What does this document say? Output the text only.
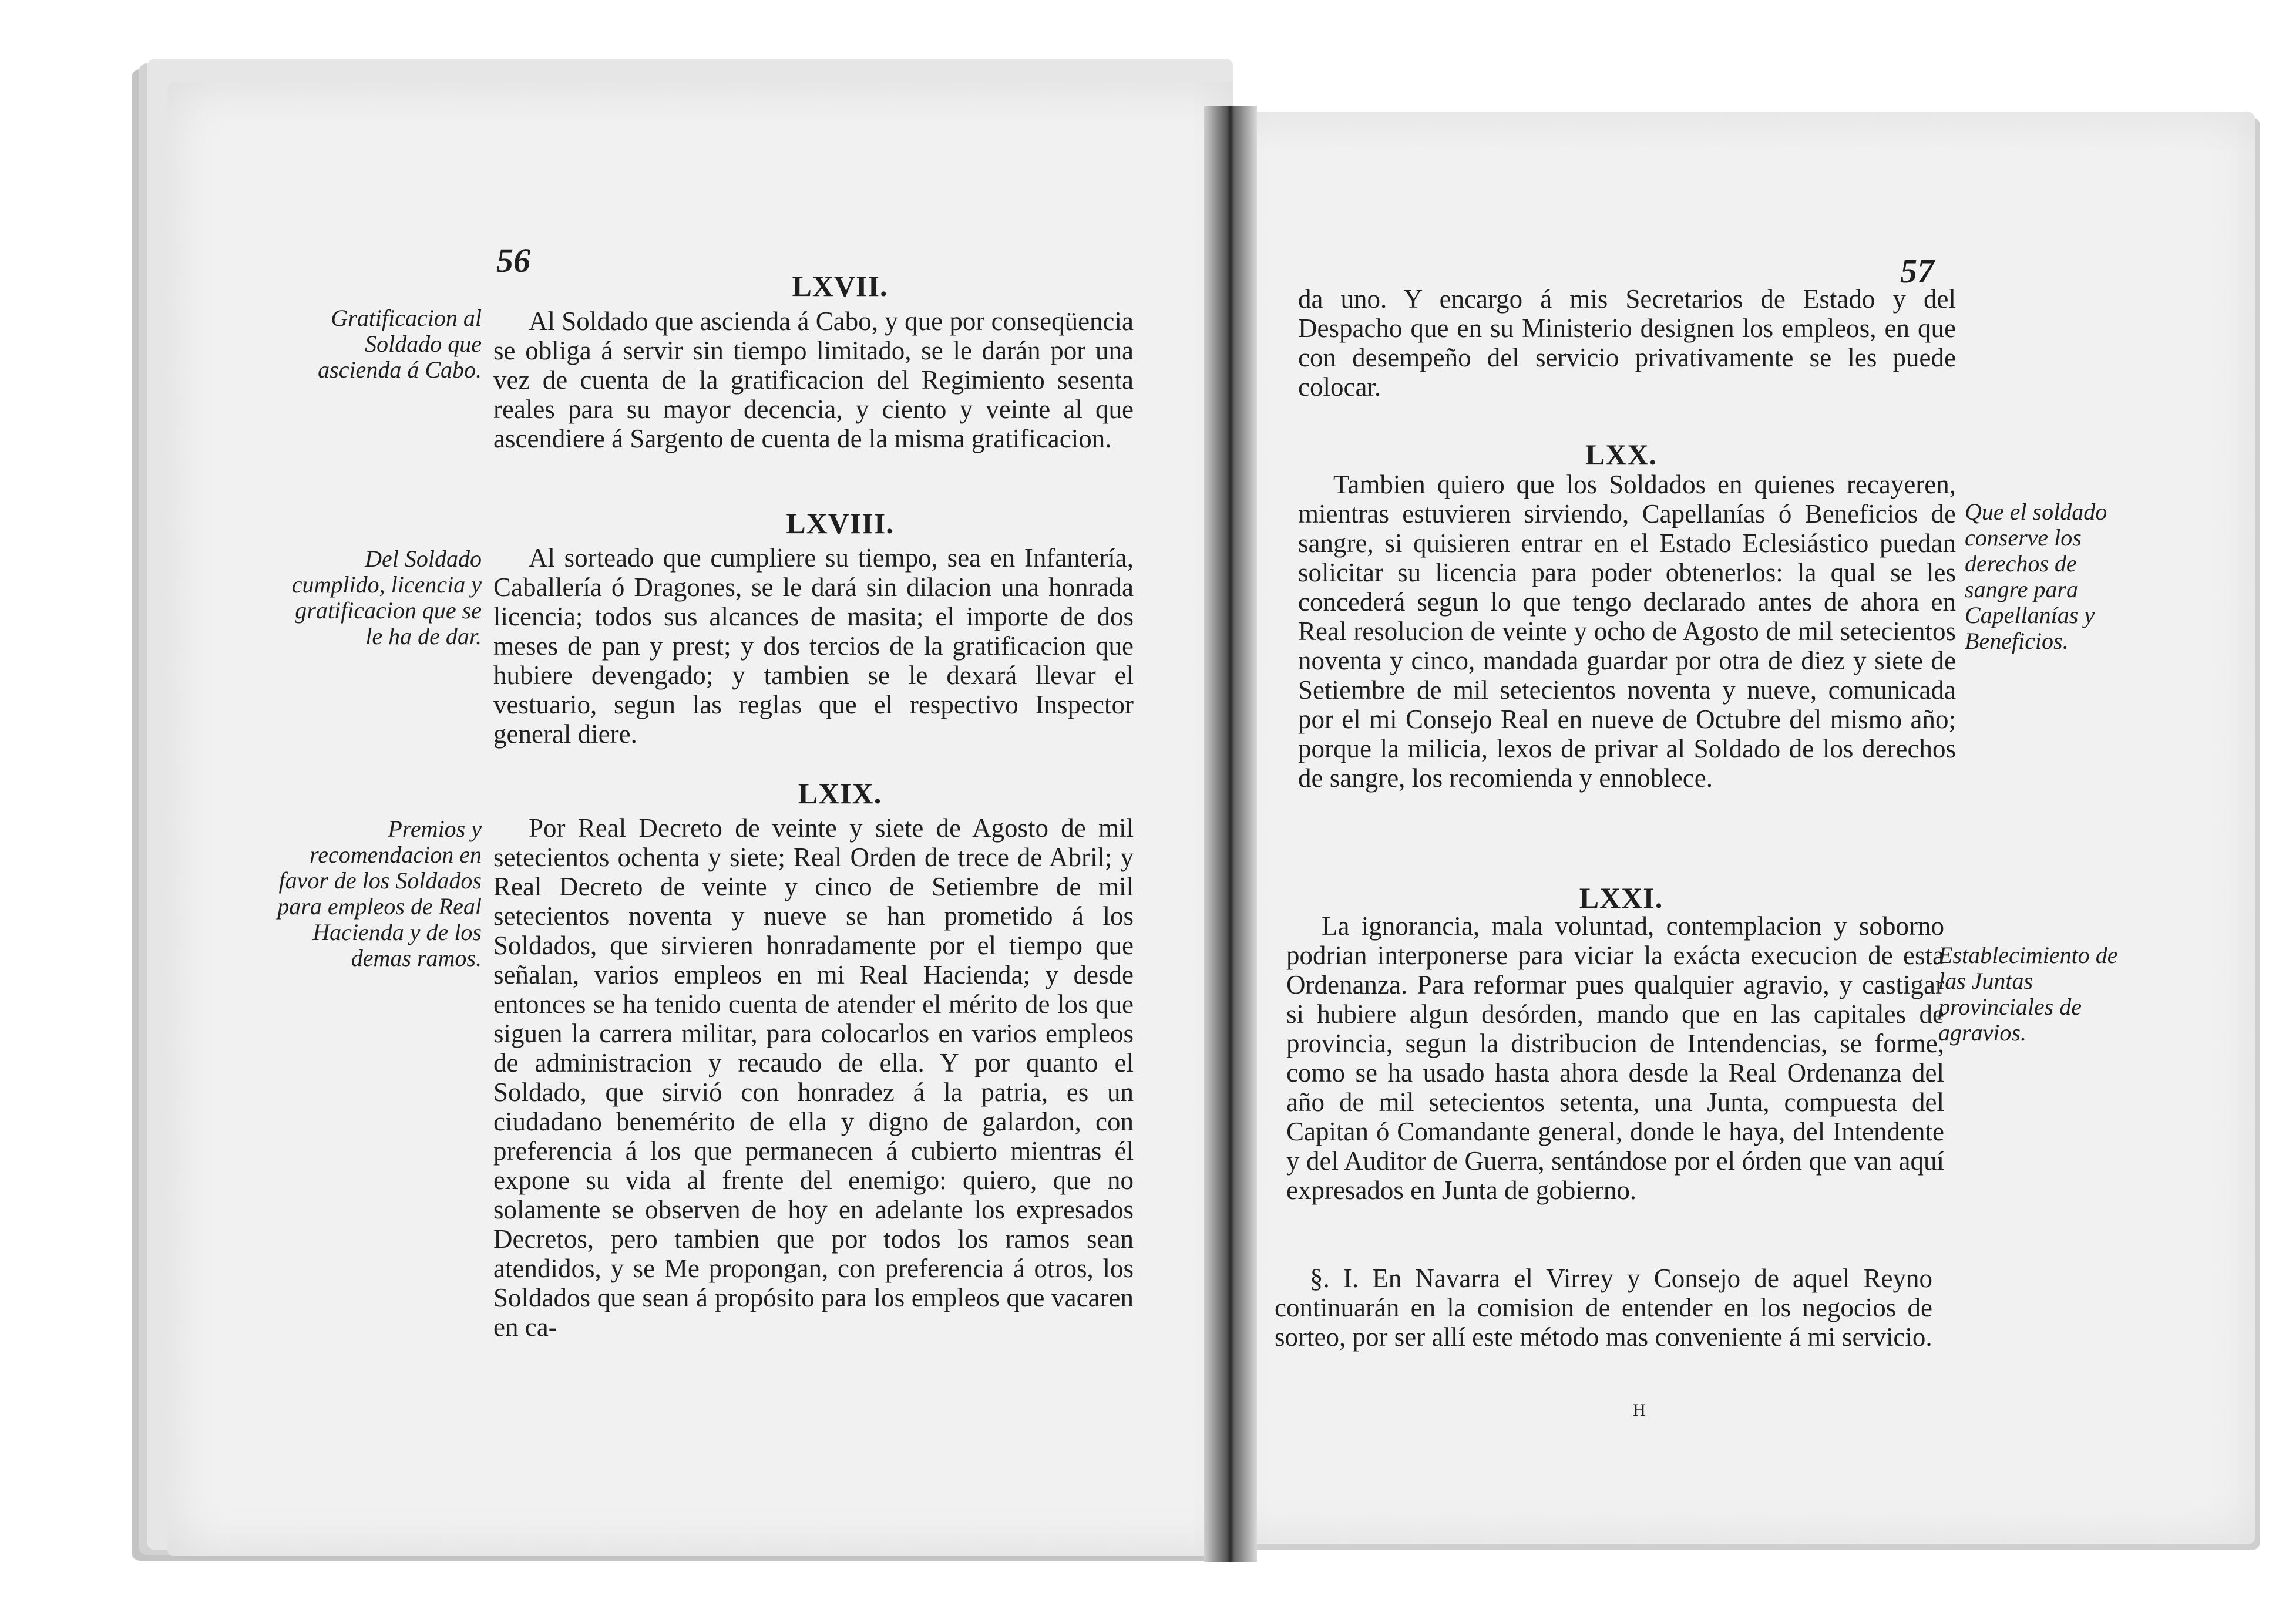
56
LXVII.

Gratificacion al Soldado que ascienda á Cabo.

Al Soldado que ascienda á Cabo, y que por conseqüencia se obliga á servir sin tiempo limitado, se le darán por una vez de cuenta de la gratificacion del Regimiento sesenta reales para su mayor decencia, y ciento y veinte al que ascendiere á Sargento de cuenta de la misma gratificacion.

LXVIII.

Del Soldado cumplido, licencia y gratificacion que se le ha de dar.

Al sorteado que cumpliere su tiempo, sea en Infantería, Caballería ó Dragones, se le dará sin dilacion una honrada licencia; todos sus alcances de masita; el importe de dos meses de pan y prest; y dos tercios de la gratificacion que hubiere devengado; y tambien se le dexará llevar el vestuario, segun las reglas que el respectivo Inspector general diere.

LXIX.

Premios y recomendacion en favor de los Soldados para empleos de Real Hacienda y de los demas ramos.

Por Real Decreto de veinte y siete de Agosto de mil setecientos ochenta y siete; Real Orden de trece de Abril; y Real Decreto de veinte y cinco de Setiembre de mil setecientos noventa y nueve se han prometido á los Soldados, que sirvieren honradamente por el tiempo que señalan, varios empleos en mi Real Hacienda; y desde entonces se ha tenido cuenta de atender el mérito de los que siguen la carrera militar, para colocarlos en varios empleos de administracion y recaudo de ella. Y por quanto el Soldado, que sirvió con honradez á la patria, es un ciudadano benemérito de ella y digno de galardon, con preferencia á los que permanecen á cubierto mientras él expone su vida al frente del enemigo: quiero, que no solamente se observen de hoy en adelante los expresados Decretos, pero tambien que por todos los ramos sean atendidos, y se Me propongan, con preferencia á otros, los Soldados que sean á propósito para los empleos que vacaren en ca-

57

da uno. Y encargo á mis Secretarios de Estado y del Despacho que en su Ministerio designen los empleos, en que con desempeño del servicio privativamente se les puede colocar.

LXX.

Que el soldado conserve los derechos de sangre para Capellanías y Beneficios.

Tambien quiero que los Soldados en quienes recayeren, mientras estuvieren sirviendo, Capellanías ó Beneficios de sangre, si quisieren entrar en el Estado Eclesiástico puedan solicitar su licencia para poder obtenerlos: la qual se les concederá segun lo que tengo declarado antes de ahora en Real resolucion de veinte y ocho de Agosto de mil setecientos noventa y cinco, mandada guardar por otra de diez y siete de Setiembre de mil setecientos noventa y nueve, comunicada por el mi Consejo Real en nueve de Octubre del mismo año; porque la milicia, lexos de privar al Soldado de los derechos de sangre, los recomienda y ennoblece.

LXXI.

Establecimiento de las Juntas provinciales de agravios.

La ignorancia, mala voluntad, contemplacion y soborno podrian interponerse para viciar la exácta execucion de esta Ordenanza. Para reformar pues qualquier agravio, y castigar si hubiere algun desórden, mando que en las capitales de provincia, segun la distribucion de Intendencias, se forme, como se ha usado hasta ahora desde la Real Ordenanza del año de mil setecientos setenta, una Junta, compuesta del Capitan ó Comandante general, donde le haya, del Intendente y del Auditor de Guerra, sentándose por el órden que van aquí expresados en Junta de gobierno.

§. I. En Navarra el Virrey y Consejo de aquel Reyno continuarán en la comision de entender en los negocios de sorteo, por ser allí este método mas conveniente á mi servicio.

H
